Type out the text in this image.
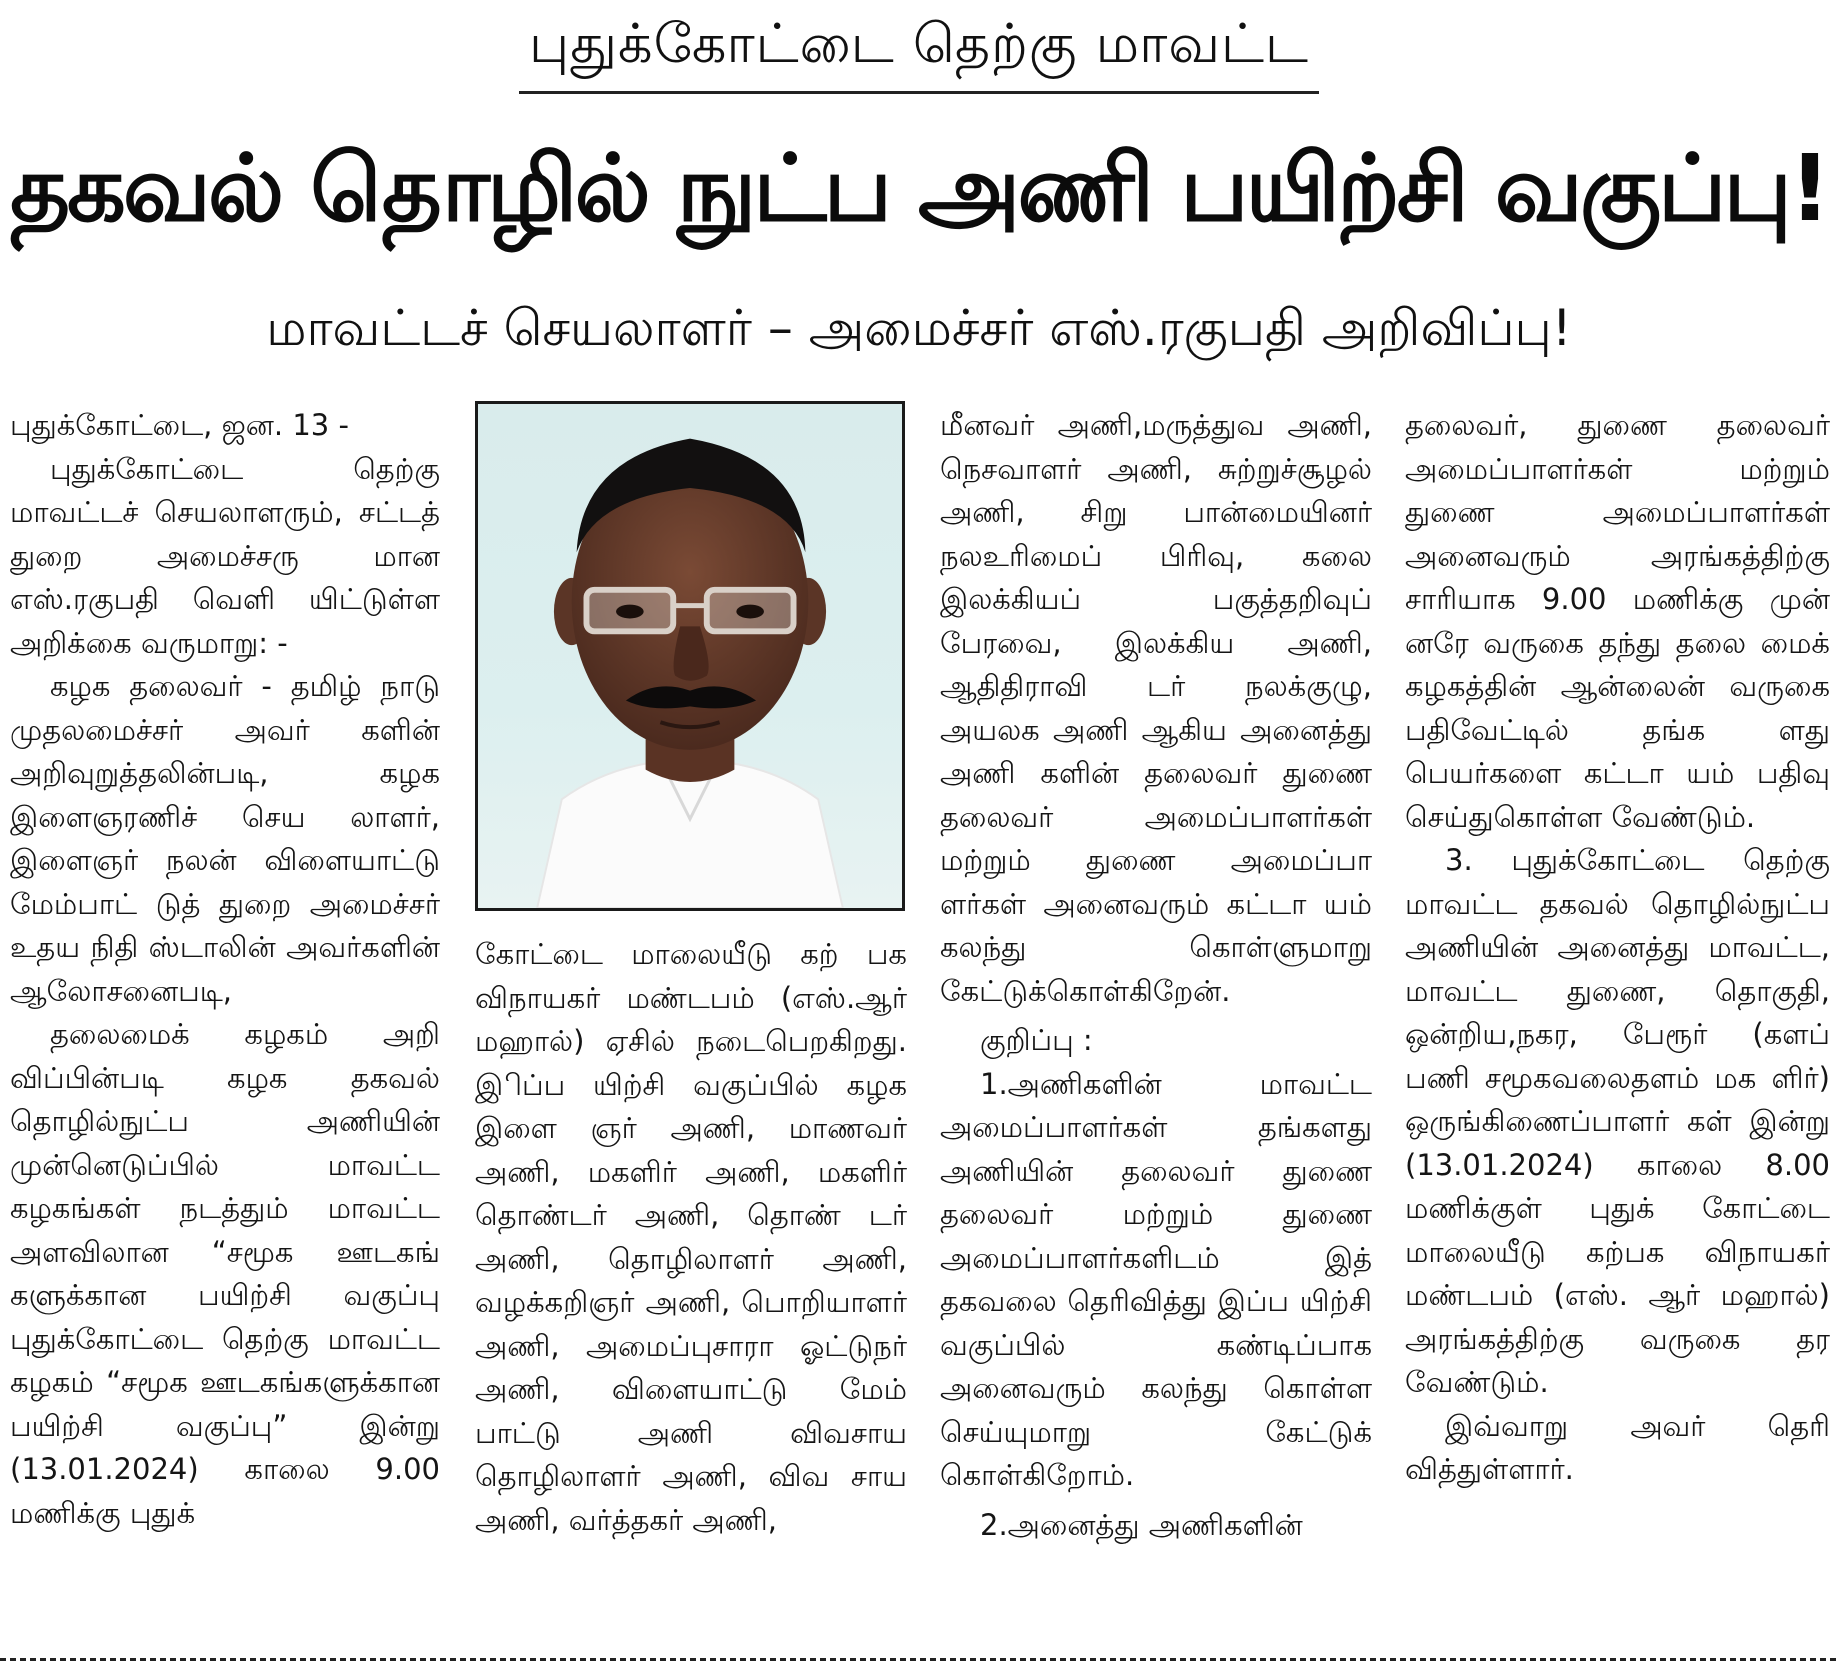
புதுக்கோட்டை தெற்கு மாவட்ட
தகவல் தொழில் நுட்ப அணி பயிற்சி வகுப்பு!
மாவட்டச் செயலாளர் – அமைச்சர் எஸ்.ரகுபதி அறிவிப்பு!

புதுக்கோட்டை, ஜன. 13 -

புதுக்கோட்டை தெற்கு மாவட்டச் செயலாளரும், சட்டத் துறை அமைச்சரு மான எஸ்.ரகுபதி வெளி யிட்டுள்ள அறிக்கை வருமாறு: -

கழக தலைவர் - தமிழ் நாடு முதலமைச்சர் அவர் களின் அறிவுறுத்தலின்படி, கழக இளைஞரணிச் செய லாளர், இளைஞர் நலன் விளையாட்டு மேம்பாட் டுத் துறை அமைச்சர் உதய நிதி ஸ்டாலின் அவர்களின் ஆலோசனைபடி,

தலைமைக் கழகம் அறி விப்பின்படி கழக தகவல் தொழில்நுட்ப அணியின் முன்னெடுப்பில் மாவட்ட கழகங்கள் நடத்தும் மாவட்ட அளவிலான “சமூக ஊடகங் களுக்கான பயிற்சி வகுப்பு புதுக்கோட்டை தெற்கு மாவட்ட கழகம் “சமூக ஊடகங்களுக்கான பயிற்சி வகுப்பு” இன்று (13.01.2024) காலை 9.00 மணிக்கு புதுக்

கோட்டை மாலையீடு கற் பக விநாயகர் மண்டபம் (எஸ்.ஆர் மஹால்) ஏசில் நடைபெறகிறது. இிப்ப யிற்சி வகுப்பில் கழக இளை ஞர் அணி, மாணவர் அணி, மகளிர் அணி, மகளிர் தொண்டர் அணி, தொண் டர் அணி, தொழிலாளர் அணி, வழக்கறிஞர் அணி, பொறியாளர் அணி, அமைப்புசாரா ஓட்டுநர் அணி, விளையாட்டு மேம் பாட்டு அணி விவசாய தொழிலாளர் அணி, விவ சாய அணி, வர்த்தகர் அணி,

மீனவர் அணி,மருத்துவ அணி, நெசவாளர் அணி, சுற்றுச்சூழல் அணி, சிறு பான்மையினர் நலஉரிமைப் பிரிவு, கலை இலக்கியப் பகுத்தறிவுப் பேரவை, இலக்கிய அணி, ஆதிதிராவி டர் நலக்குழு, அயலக அணி ஆகிய அனைத்து அணி களின் தலைவர் துணை தலைவர் அமைப்பாளர்கள் மற்றும் துணை அமைப்பா ளர்கள் அனைவரும் கட்டா யம் கலந்து கொள்ளுமாறு கேட்டுக்கொள்கிறேன்.

குறிப்பு :

1.அணிகளின் மாவட்ட அமைப்பாளர்கள் தங்களது அணியின் தலைவர் துணை தலைவர் மற்றும் துணை அமைப்பாளர்களிடம் இத் தகவலை தெரிவித்து இப்ப யிற்சி வகுப்பில் கண்டிப்பாக அனைவரும் கலந்து கொள்ள செய்யுமாறு கேட்டுக் கொள்கிறோம்.

2.அனைத்து அணிகளின்

தலைவர், துணை தலைவர் அமைப்பாளர்கள் மற்றும் துணை அமைப்பாளர்கள் அனைவரும் அரங்கத்திற்கு சாரியாக 9.00 மணிக்கு முன் னரே வருகை தந்து தலை மைக் கழகத்தின் ஆன்லைன் வருகை பதிவேட்டில் தங்க ளது பெயர்களை கட்டா யம் பதிவு செய்துகொள்ள வேண்டும்.

3. புதுக்கோட்டை தெற்கு மாவட்ட தகவல் தொழில்நுட்ப அணியின் அனைத்து மாவட்ட, மாவட்ட துணை, தொகுதி, ஒன்றிய,நகர, பேரூர் (களப் பணி சமூகவலைதளம் மக ளிர்) ஒருங்கிணைப்பாளர் கள் இன்று (13.01.2024) காலை 8.00 மணிக்குள் புதுக் கோட்டை மாலையீடு கற்பக விநாயகர் மண்டபம் (எஸ். ஆர் மஹால்) அரங்கத்திற்கு வருகை தர வேண்டும்.

இவ்வாறு அவர் தெரி வித்துள்ளார்.
